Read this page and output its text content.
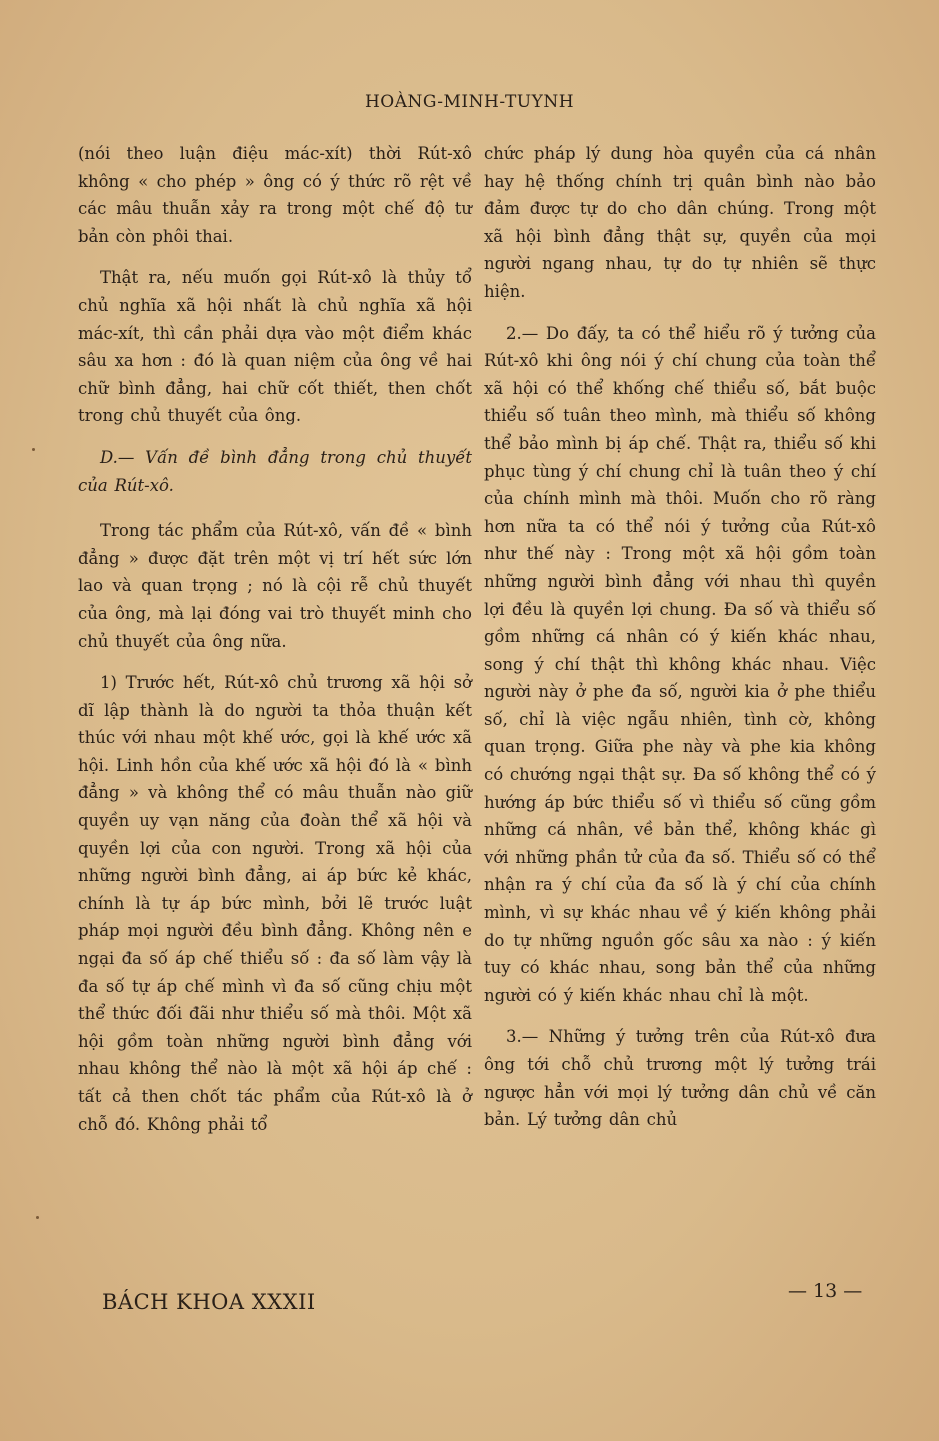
HOÀNG-MINH-TUYNH

(nói theo luận điệu mác-xít) thời Rút-xô không « cho phép » ông có ý thức rõ rệt về các mâu thuẫn xảy ra trong một chế độ tư bản còn phôi thai.

Thật ra, nếu muốn gọi Rút-xô là thủy tổ chủ nghĩa xã hội nhất là chủ nghĩa xã hội mác-xít, thì cần phải dựa vào một điểm khác sâu xa hơn : đó là quan niệm của ông về hai chữ bình đẳng, hai chữ cốt thiết, then chốt trong chủ thuyết của ông.

D.— Vấn đề bình đẳng trong chủ thuyết của Rút-xô.

Trong tác phẩm của Rút-xô, vấn đề « bình đẳng » được đặt trên một vị trí hết sức lớn lao và quan trọng ; nó là cội rễ chủ thuyết của ông, mà lại đóng vai trò thuyết minh cho chủ thuyết của ông nữa.

1) Trước hết, Rút-xô chủ trương xã hội sở dĩ lập thành là do người ta thỏa thuận kết thúc với nhau một khế ước, gọi là khế ước xã hội. Linh hồn của khế ước xã hội đó là « bình đẳng » và không thể có mâu thuẫn nào giữ quyền uy vạn năng của đoàn thể xã hội và quyền lợi của con người. Trong xã hội của những người bình đẳng, ai áp bức kẻ khác, chính là tự áp bức mình, bởi lẽ trước luật pháp mọi người đều bình đẳng. Không nên e ngại đa số áp chế thiểu số : đa số làm vậy là đa số tự áp chế mình vì đa số cũng chịu một thể thức đối đãi như thiểu số mà thôi. Một xã hội gồm toàn những người bình đẳng với nhau không thể nào là một xã hội áp chế : tất cả then chốt tác phẩm của Rút-xô là ở chỗ đó. Không phải tổ

chức pháp lý dung hòa quyền của cá nhân hay hệ thống chính trị quân bình nào bảo đảm được tự do cho dân chúng. Trong một xã hội bình đẳng thật sự, quyền của mọi người ngang nhau, tự do tự nhiên sẽ thực hiện.

2.— Do đấy, ta có thể hiểu rõ ý tưởng của Rút-xô khi ông nói ý chí chung của toàn thể xã hội có thể khống chế thiểu số, bắt buộc thiểu số tuân theo mình, mà thiểu số không thể bảo mình bị áp chế. Thật ra, thiểu số khi phục tùng ý chí chung chỉ là tuân theo ý chí của chính mình mà thôi. Muốn cho rõ ràng hơn nữa ta có thể nói ý tưởng của Rút-xô như thế này : Trong một xã hội gồm toàn những người bình đẳng với nhau thì quyền lợi đều là quyền lợi chung. Đa số và thiểu số gồm những cá nhân có ý kiến khác nhau, song ý chí thật thì không khác nhau. Việc người này ở phe đa số, người kia ở phe thiểu số, chỉ là việc ngẫu nhiên, tình cờ, không quan trọng. Giữa phe này và phe kia không có chướng ngại thật sự. Đa số không thể có ý hướng áp bức thiểu số vì thiểu số cũng gồm những cá nhân, về bản thể, không khác gì với những phần tử của đa số. Thiểu số có thể nhận ra ý chí của đa số là ý chí của chính mình, vì sự khác nhau về ý kiến không phải do tự những nguồn gốc sâu xa nào : ý kiến tuy có khác nhau, song bản thể của những người có ý kiến khác nhau chỉ là một.

3.— Những ý tưởng trên của Rút-xô đưa ông tới chỗ chủ trương một lý tưởng trái ngược hẳn với mọi lý tưởng dân chủ về căn bản. Lý tưởng dân chủ

BÁCH KHOA XXXII	— 13 —
